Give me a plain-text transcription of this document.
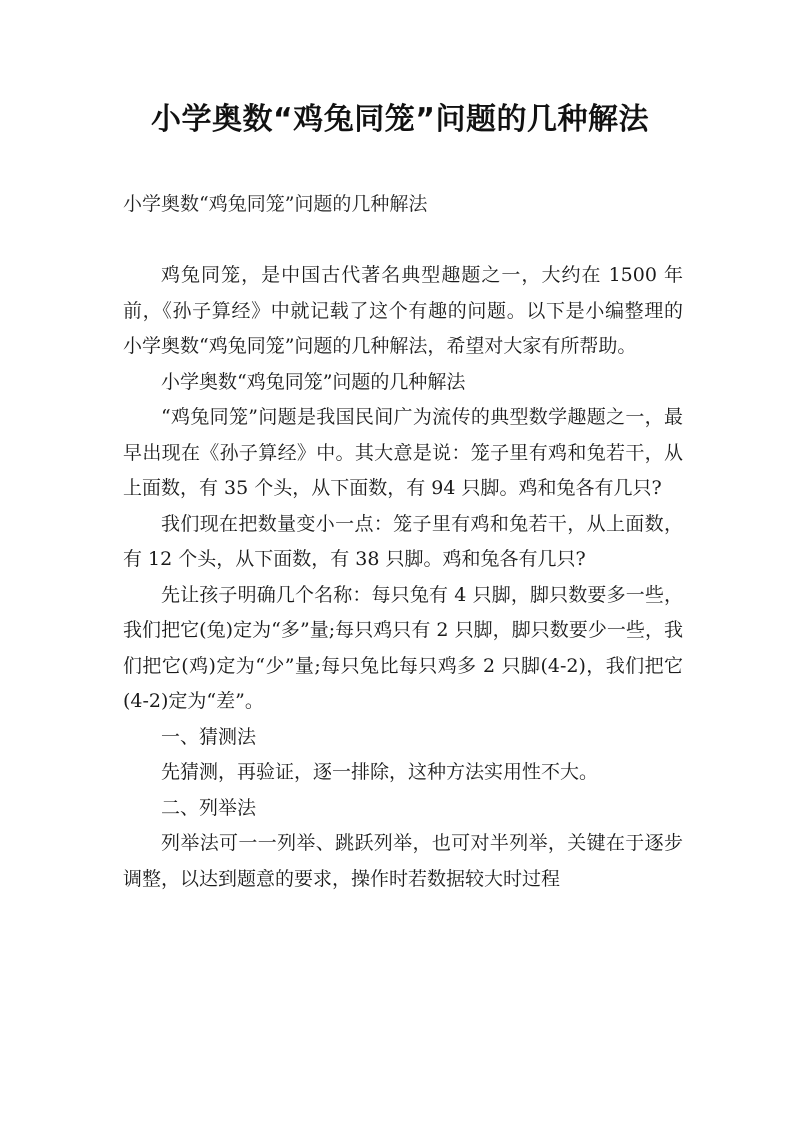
小学奥数“鸡兔同笼”问题的几种解法
小学奥数“鸡兔同笼”问题的几种解法

鸡兔同笼，是中国古代著名典型趣题之一，大约在 1500 年前，《孙子算经》中就记载了这个有趣的问题。以下是小编整理的小学奥数“鸡兔同笼”问题的几种解法，希望对大家有所帮助。

小学奥数“鸡兔同笼”问题的几种解法

“鸡兔同笼”问题是我国民间广为流传的典型数学趣题之一，最早出现在《孙子算经》中。其大意是说：笼子里有鸡和兔若干，从上面数，有 35 个头，从下面数，有 94 只脚。鸡和兔各有几只?

我们现在把数量变小一点：笼子里有鸡和兔若干，从上面数，有 12 个头，从下面数，有 38 只脚。鸡和兔各有几只?

先让孩子明确几个名称：每只兔有 4 只脚，脚只数要多一些，我们把它(兔)定为“多”量;每只鸡只有 2 只脚，脚只数要少一些，我们把它(鸡)定为“少”量;每只兔比每只鸡多 2 只脚(4-2)，我们把它(4-2)定为“差”。

一、猜测法

先猜测，再验证，逐一排除，这种方法实用性不大。

二、列举法

列举法可一一列举、跳跃列举，也可对半列举，关键在于逐步调整，以达到题意的要求，操作时若数据较大时过程
